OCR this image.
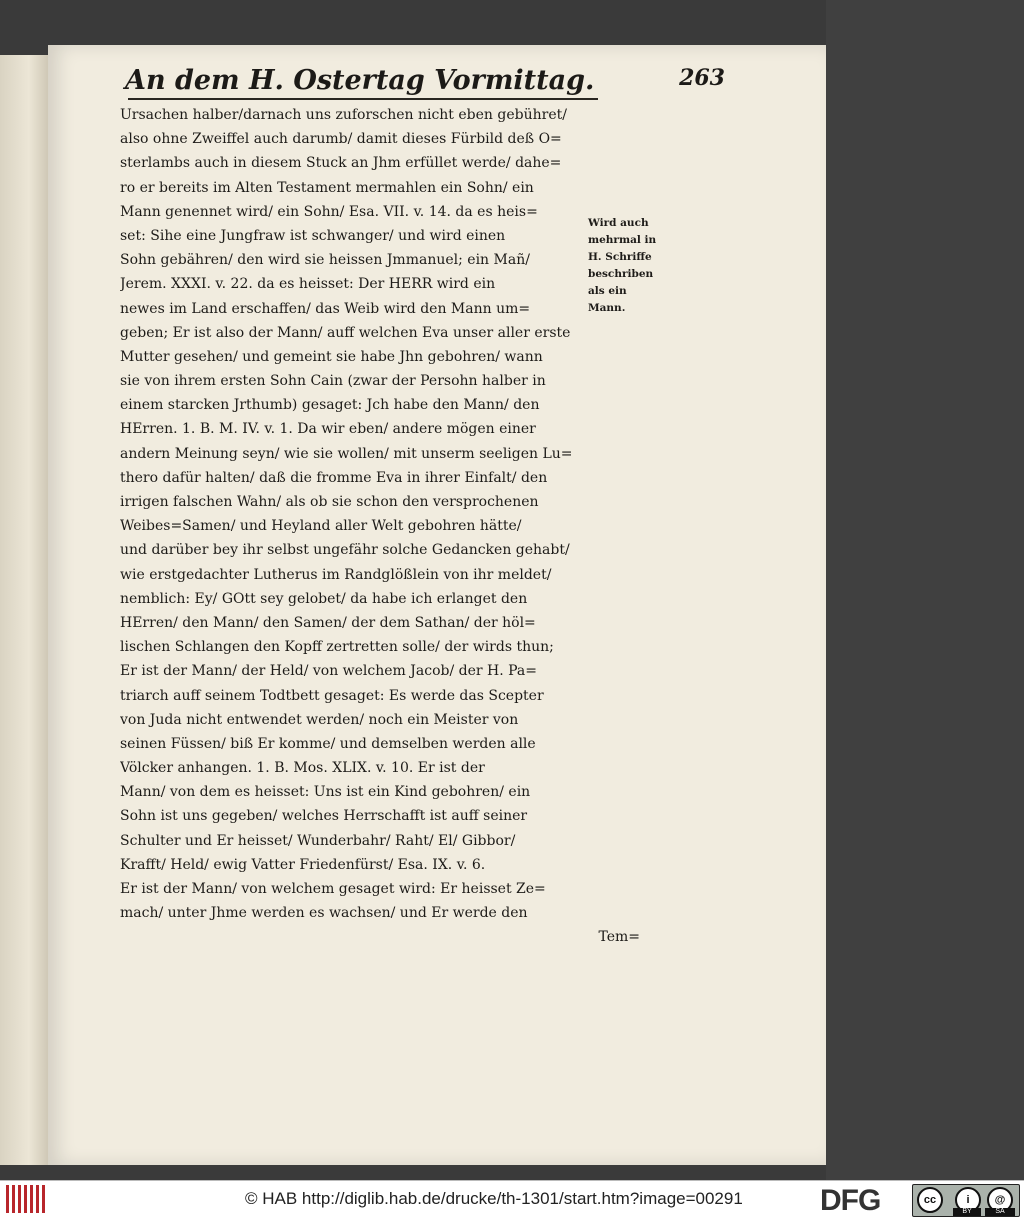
An dem H. Ostertag Vormittag.	263
Ursachen halber/darnach uns zuforschen nicht eben gebühret/
also ohne Zweiffel auch darumb/ damit dieses Fürbild deß O=
sterlambs auch in diesem Stuck an Jhm erfüllet werde/ dahe=
ro er bereits im Alten Testament mermahlen ein Sohn/ ein
Mann genennet wird/ ein Sohn/ Esa. VII. v. 14. da es heis=
set: Sihe eine Jungfraw ist schwanger/ und wird einen
Sohn gebähren/ den wird sie heissen Jmmanuel; ein Mañ/
Jerem. XXXI. v. 22. da es heisset: Der HERR wird ein
newes im Land erschaffen/ das Weib wird den Mann um=
geben; Er ist also der Mann/ auff welchen Eva unser aller erste
Mutter gesehen/ und gemeint sie habe Jhn gebohren/ wann
sie von ihrem ersten Sohn Cain (zwar der Persohn halber in
einem starcken Jrthumb) gesaget: Jch habe den Mann/ den
HErren. 1. B. M. IV. v. 1. Da wir eben/ andere mögen einer
andern Meinung seyn/ wie sie wollen/ mit unserm seeligen Lu=
thero dafür halten/ daß die fromme Eva in ihrer Einfalt/ den
irrigen falschen Wahn/ als ob sie schon den versprochenen
Weibes=Samen/ und Heyland aller Welt gebohren hätte/
und darüber bey ihr selbst ungefähr solche Gedancken gehabt/
wie erstgedachter Lutherus im Randglößlein von ihr meldet/
nemblich: Ey/ GOtt sey gelobet/ da habe ich erlanget den
HErren/ den Mann/ den Samen/ der dem Sathan/ der höl=
lischen Schlangen den Kopff zertretten solle/ der wirds thun;
Er ist der Mann/ der Held/ von welchem Jacob/ der H. Pa=
triarch auff seinem Todtbett gesaget: Es werde das Scepter
von Juda nicht entwendet werden/ noch ein Meister von
seinen Füssen/ biß Er komme/ und demselben werden alle
Völcker anhangen. 1. B. Mos. XLIX. v. 10. Er ist der
Mann/ von dem es heisset: Uns ist ein Kind gebohren/ ein
Sohn ist uns gegeben/ welches Herrschafft ist auff seiner
Schulter und Er heisset/ Wunderbahr/ Raht/ El/ Gibbor/
Krafft/ Held/ ewig Vatter Friedenfürst/ Esa. IX. v. 6.
Er ist der Mann/ von welchem gesaget wird: Er heisset Ze=
mach/ unter Jhme werden es wachsen/ und Er werde den
Tem=
Wird auch
mehrmal in
H. Schriffe
beschriben
als ein
Mann.
© HAB http://diglib.hab.de/drucke/th-1301/start.htm?image=00291	DFG	cc	i	@
BY	SA
